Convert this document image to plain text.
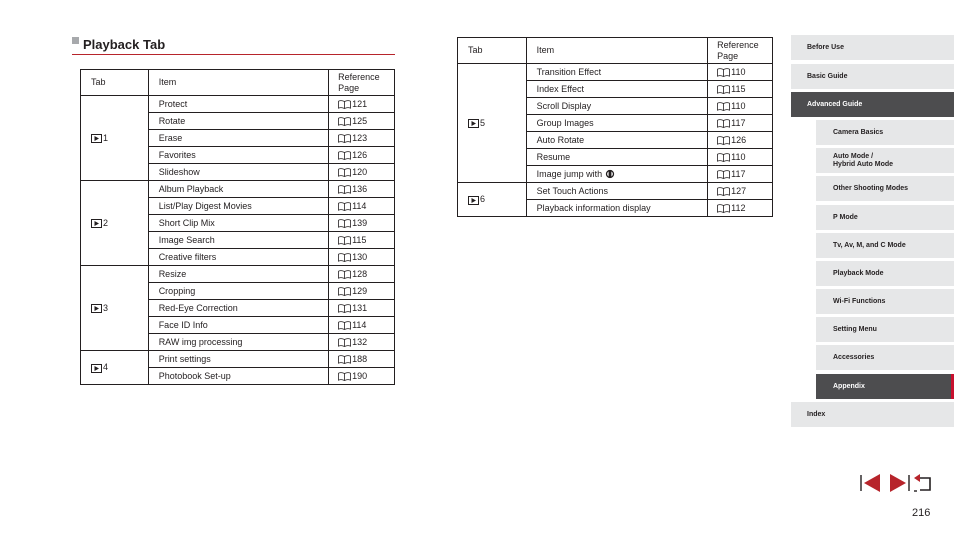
Playback Tab
Tab	Item	Reference Page
1	Protect	121
	Rotate	125
	Erase	123
	Favorites	126
	Slideshow	120
2	Album Playback	136
	List/Play Digest Movies	114
	Short Clip Mix	139
	Image Search	115
	Creative filters	130
3	Resize	128
	Cropping	129
	Red-Eye Correction	131
	Face ID Info	114
	RAW img processing	132
4	Print settings	188
	Photobook Set-up	190
Tab	Item	Reference Page
5	Transition Effect	110
	Index Effect	115
	Scroll Display	110
	Group Images	117
	Auto Rotate	126
	Resume	110
	Image jump with	117
6	Set Touch Actions	127
	Playback information display	112
Before Use
Basic Guide
Advanced Guide
Camera Basics
Auto Mode /
Hybrid Auto Mode
Other Shooting Modes
P Mode
Tv, Av, M, and C Mode
Playback Mode
Wi-Fi Functions
Setting Menu
Accessories
Appendix
Index
216
